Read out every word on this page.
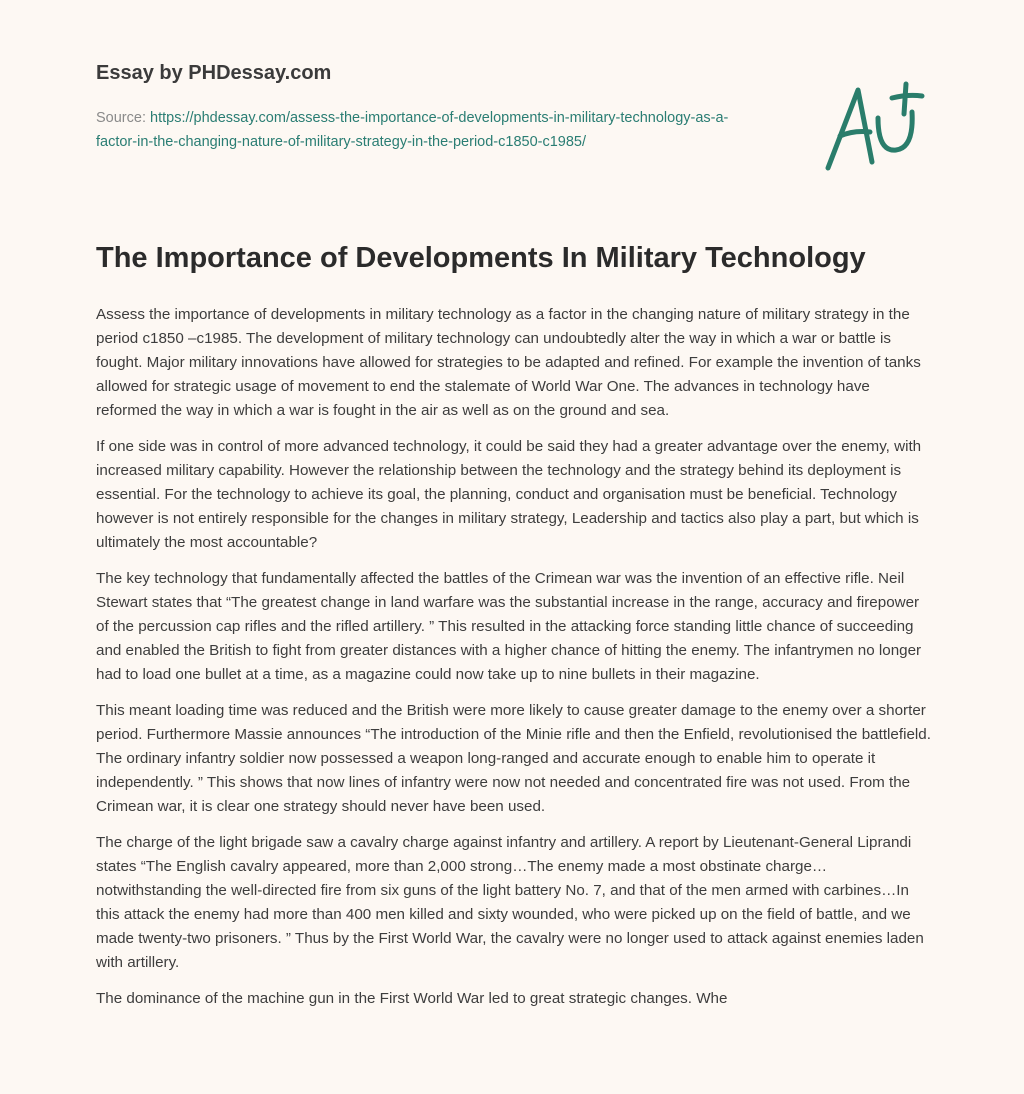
Essay by PHDessay.com
Source: https://phdessay.com/assess-the-importance-of-developments-in-military-technology-as-a-factor-in-the-changing-nature-of-military-strategy-in-the-period-c1850-c1985/
A+
The Importance of Developments In Military Technology

Assess the importance of developments in military technology as a factor in the changing nature of military strategy in the period c1850 –c1985. The development of military technology can undoubtedly alter the way in which a war or battle is fought. Major military innovations have allowed for strategies to be adapted and refined. For example the invention of tanks allowed for strategic usage of movement to end the stalemate of World War One. The advances in technology have reformed the way in which a war is fought in the air as well as on the ground and sea.

If one side was in control of more advanced technology, it could be said they had a greater advantage over the enemy, with increased military capability. However the relationship between the technology and the strategy behind its deployment is essential. For the technology to achieve its goal, the planning, conduct and organisation must be beneficial. Technology however is not entirely responsible for the changes in military strategy, Leadership and tactics also play a part, but which is ultimately the most accountable?

The key technology that fundamentally affected the battles of the Crimean war was the invention of an effective rifle. Neil Stewart states that “The greatest change in land warfare was the substantial increase in the range, accuracy and firepower of the percussion cap rifles and the rifled artillery. ” This resulted in the attacking force standing little chance of succeeding and enabled the British to fight from greater distances with a higher chance of hitting the enemy. The infantrymen no longer had to load one bullet at a time, as a magazine could now take up to nine bullets in their magazine.

This meant loading time was reduced and the British were more likely to cause greater damage to the enemy over a shorter period. Furthermore Massie announces “The introduction of the Minie rifle and then the Enfield, revolutionised the battlefield. The ordinary infantry soldier now possessed a weapon long-ranged and accurate enough to enable him to operate it independently. ” This shows that now lines of infantry were now not needed and concentrated fire was not used. From the Crimean war, it is clear one strategy should never have been used.

The charge of the light brigade saw a cavalry charge against infantry and artillery. A report by Lieutenant-General Liprandi states “The English cavalry appeared, more than 2,000 strong…The enemy made a most obstinate charge…notwithstanding the well-directed fire from six guns of the light battery No. 7, and that of the men armed with carbines…In this attack the enemy had more than 400 men killed and sixty wounded, who were picked up on the field of battle, and we made twenty-two prisoners. ” Thus by the First World War, the cavalry were no longer used to attack against enemies laden with artillery.

The dominance of the machine gun in the First World War led to great strategic changes. Whe
